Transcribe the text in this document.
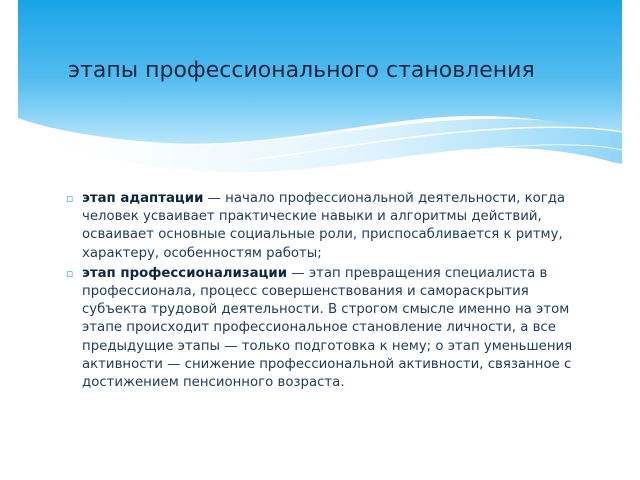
этапы профессионального становления
▫ этап адаптации — начало профессиональной деятельности, когда человек усваивает практические навыки и алгоритмы действий, осваивает основные социальные роли, приспосабливается к ритму, характеру, особенностям работы;
▫ этап профессионализации — этап превращения специалиста в профессионала, процесс совершенствования и самораскрытия субъекта трудовой деятельности. В строгом смысле именно на этом этапе происходит профессиональное становление личности, а все предыдущие этапы — только подготовка к нему; о этап уменьшения активности — снижение профессиональной активности, связанное с достижением пенсионного возраста.
